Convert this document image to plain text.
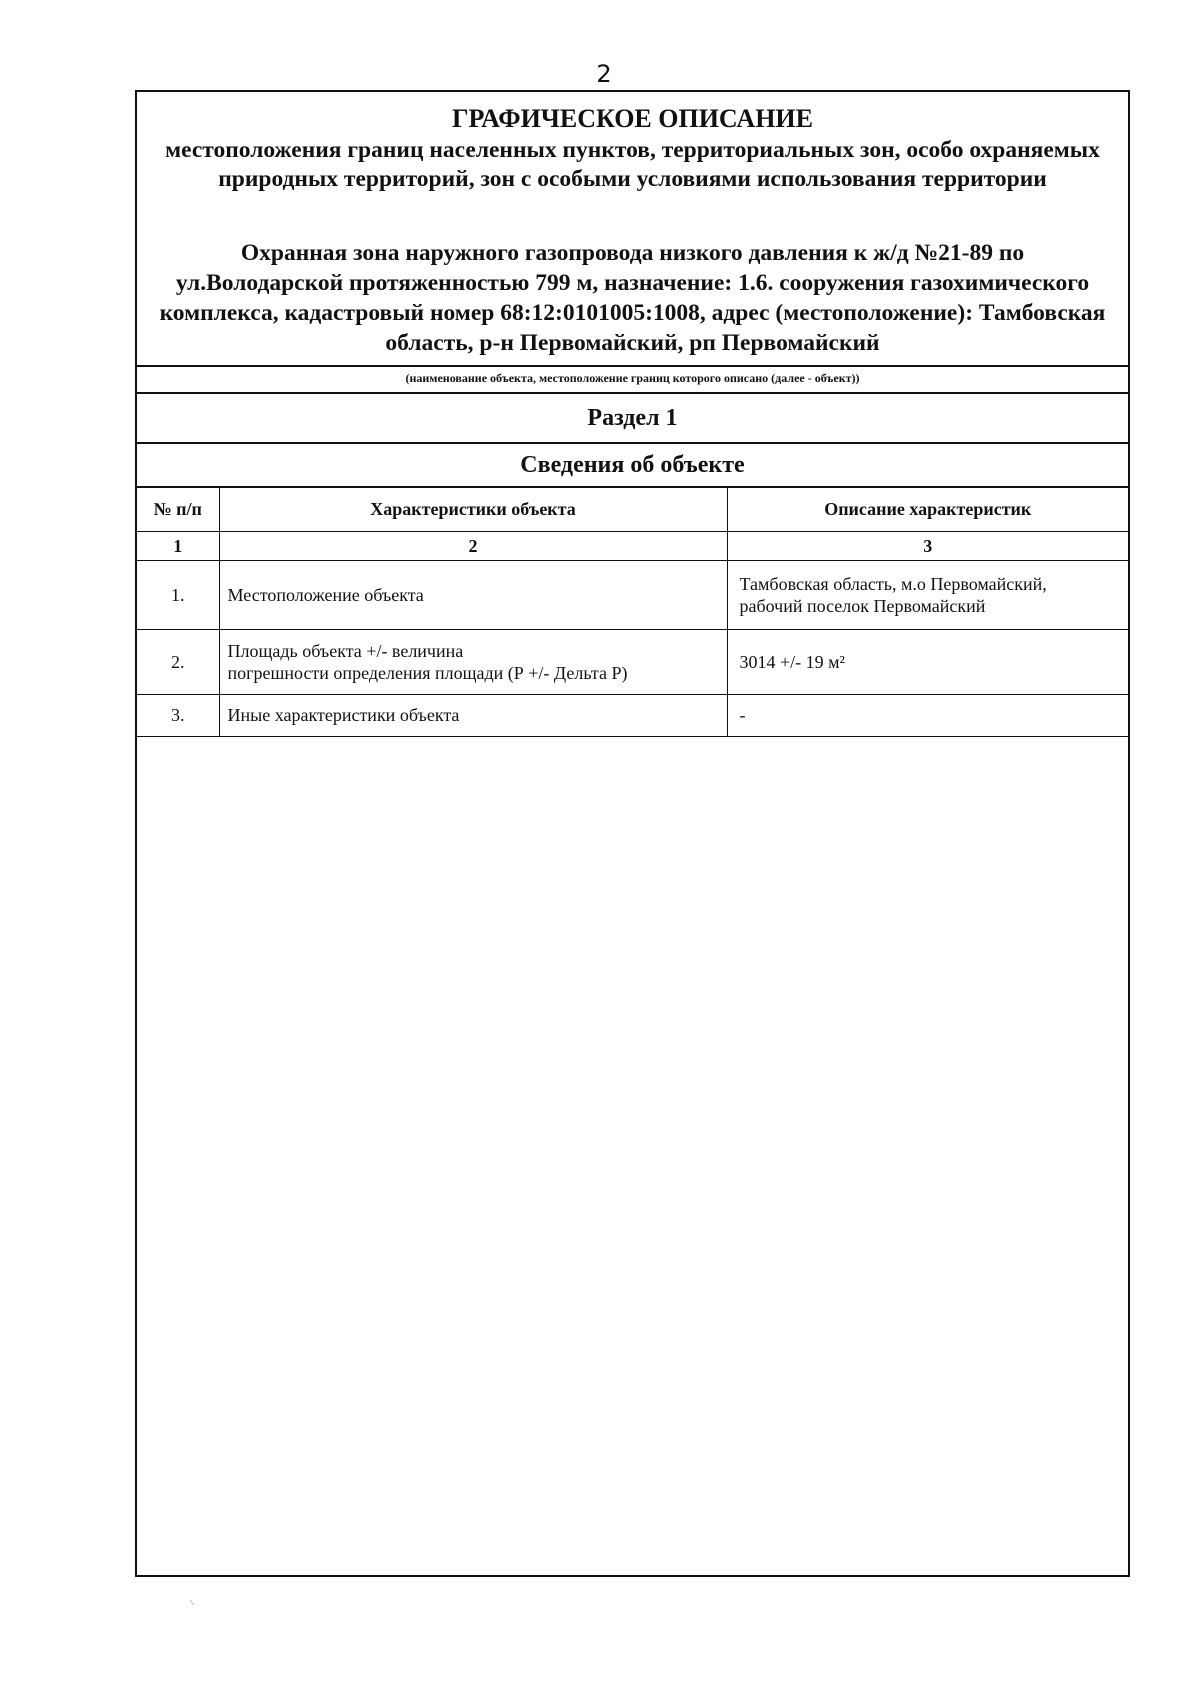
2
ГРАФИЧЕСКОЕ ОПИСАНИЕ
местоположения границ населенных пунктов, территориальных зон, особо охраняемых природных территорий, зон с особыми условиями использования территории
Охранная зона наружного газопровода низкого давления к ж/д №21-89 по ул.Володарской протяженностью 799 м, назначение: 1.6. сооружения газохимического комплекса, кадастровый номер 68:12:0101005:1008, адрес (местоположение): Тамбовская область, р-н Первомайский, рп Первомайский
(наименование объекта, местоположение границ которого описано (далее - объект))
Раздел 1
Сведения об объекте
№ п/п	Характеристики объекта	Описание характеристик
1	2	3
1.	Местоположение объекта	Тамбовская область, м.о Первомайский,
рабочий поселок Первомайский

2.	Площадь объекта +/- величина
погрешности определения площади (Р +/- Дельта Р)	3014 +/- 19 м²
3.	Иные характеристики объекта	-
